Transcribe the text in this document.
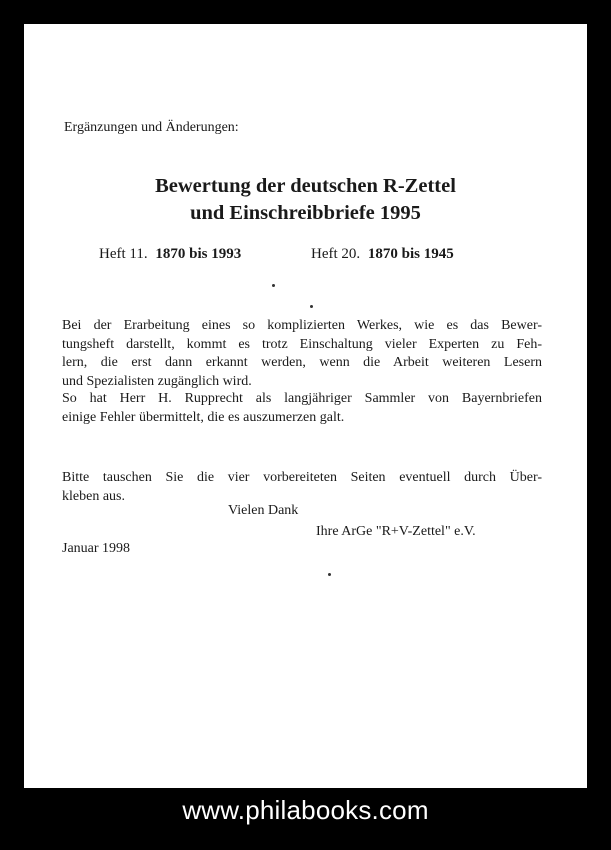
Ergänzungen und Änderungen:
Bewertung der deutschen R-Zettel
und Einschreibbriefe 1995
Heft 11. 1870 bis 1993	Heft 20. 1870 bis 1945
Bei der Erarbeitung eines so komplizierten Werkes, wie es das Bewer-
tungsheft darstellt, kommt es trotz Einschaltung vieler Experten zu Feh-
lern, die erst dann erkannt werden, wenn die Arbeit weiteren Lesern
und Spezialisten zugänglich wird.
So hat Herr H. Rupprecht als langjähriger Sammler von Bayernbriefen
einige Fehler übermittelt, die es auszumerzen galt.
Bitte tauschen Sie die vier vorbereiteten Seiten eventuell durch Über-
kleben aus.
Vielen Dank
Ihre ArGe "R+V-Zettel" e.V.
Januar 1998
www.philabooks.com
